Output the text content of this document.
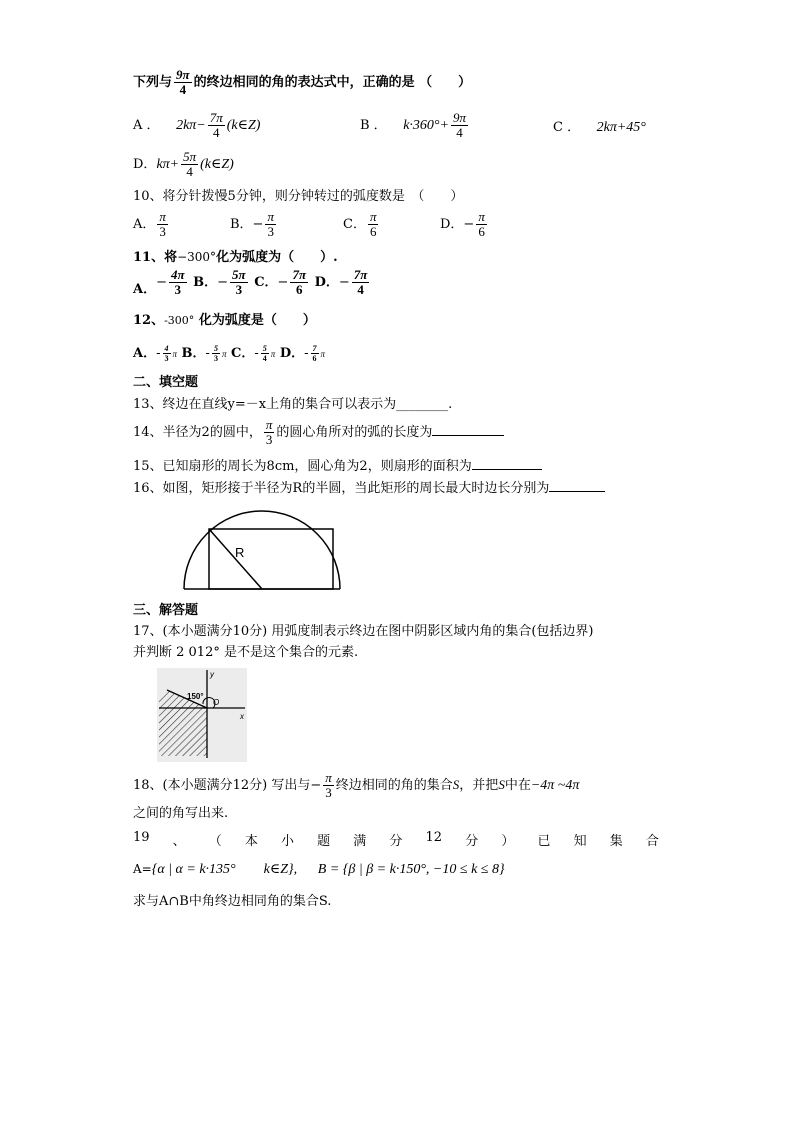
下列与 $\frac{9\pi}{4}$ 的终边相同的角的表达式中，正确的是 （　　）
A ． $2k\pi- \frac{7\pi}{4}$ (k∈Z)	B ． $k\cdot 360^\circ+ \frac{9\pi}{4}$	C ． 2kπ+45°
D．$k\pi+ \frac{5\pi}{4}$ (k∈Z)
10、将分针拨慢5分钟，则分钟转过的弧度数是　（　　）
A． $\frac{\pi}{3}$	B．− $\frac{\pi}{3}$	C． $\frac{\pi}{6}$	D．− $\frac{\pi}{6}$
11、将−300°化为弧度为（　　）.
A．− $\frac{4\pi}{3}$ B．− $\frac{5\pi}{3}$ C．− $\frac{7\pi}{6}$ D．− $\frac{7\pi}{4}$
12、-300° 化为弧度是（　　）
A．- $\frac{4}{3}$ π B．- $\frac{5}{3}$ π C．- $\frac{5}{4}$ π D．- $\frac{7}{6}$ π
二、填空题
13、终边在直线y=－x上角的集合可以表示为________.
14、半径为2的圆中， $\frac{\pi}{3}$ 的圆心角所对的弧的长度为
15、已知扇形的周长为8cm，圆心角为2，则扇形的面积为
16、如图，矩形接于半径为R的半圆，当此矩形的周长最大时边长分别为
R
三、解答题
17、(本小题满分10分) 用弧度制表示终边在图中阴影区域内角的集合(包括边界)
并判断 2 012° 是不是这个集合的元素.
y
x
O
150°
18、(本小题满分12分) 写出与− $\frac{\pi}{3}$ 终边相同的角的集合S，并把S中在−4π ~4π
之间的角写出来.
19 、 （ 本 小 题 满 分 12 分 ） 已 知 集 合
A={α | α = k·135°　　k∈Z}, B = {β | β = k·150°, −10 ≤ k ≤ 8}
求与A∩B中角终边相同角的集合S.
